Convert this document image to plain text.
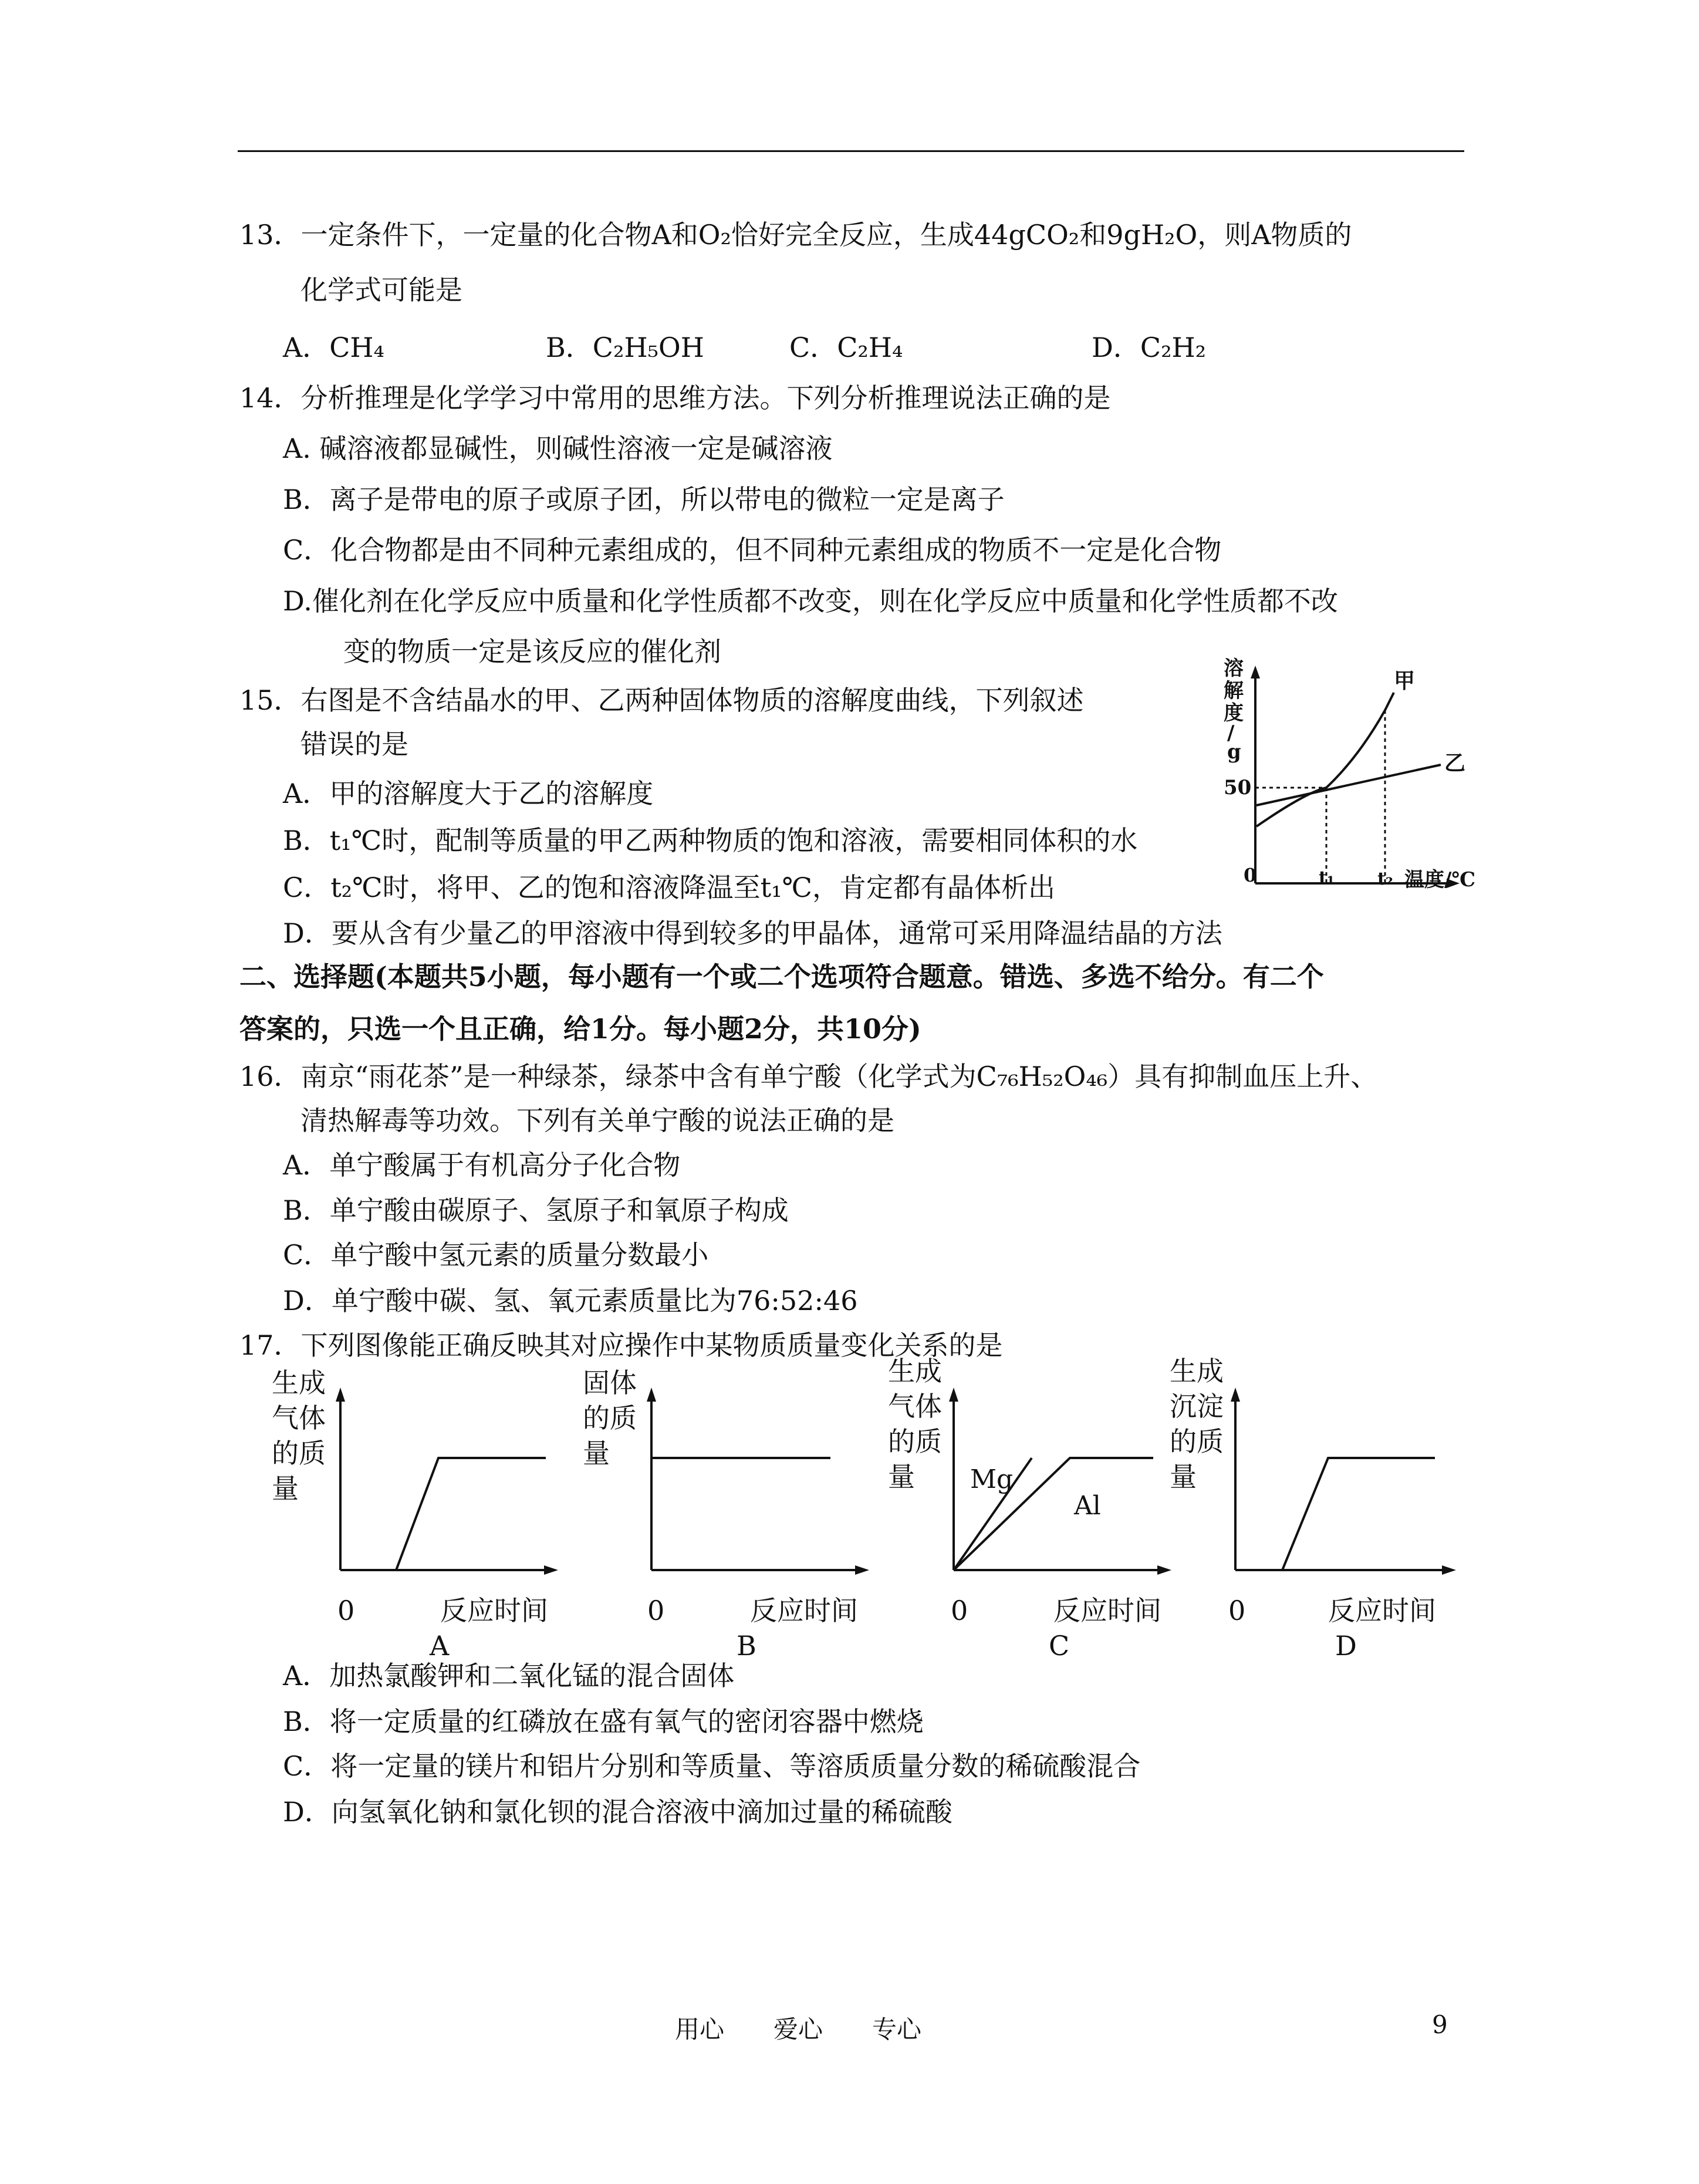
13．一定条件下，一定量的化合物A和O₂恰好完全反应，生成44gCO₂和9gH₂O，则A物质的
化学式可能是
A．CH₄	B．C₂H₅OH	C．C₂H₄	D．C₂H₂
14．分析推理是化学学习中常用的思维方法。下列分析推理说法正确的是
A. 碱溶液都显碱性，则碱性溶液一定是碱溶液
B．离子是带电的原子或原子团，所以带电的微粒一定是离子
C．化合物都是由不同种元素组成的，但不同种元素组成的物质不一定是化合物
D.催化剂在化学反应中质量和化学性质都不改变，则在化学反应中质量和化学性质都不改
变的物质一定是该反应的催化剂
15．右图是不含结晶水的甲、乙两种固体物质的溶解度曲线，下列叙述
错误的是
A．甲的溶解度大于乙的溶解度
B．t₁℃时，配制等质量的甲乙两种物质的饱和溶液，需要相同体积的水
C．t₂℃时，将甲、乙的饱和溶液降温至t₁℃，肯定都有晶体析出
D．要从含有少量乙的甲溶液中得到较多的甲晶体，通常可采用降温结晶的方法
溶
解
度
/
g
50
0
甲
乙
t₁ t₂ 温度/℃
二、选择题(本题共5小题，每小题有一个或二个选项符合题意。错选、多选不给分。有二个
答案的，只选一个且正确，给1分。每小题2分，共10分)
16．南京“雨花茶”是一种绿茶，绿茶中含有单宁酸（化学式为C₇₆H₅₂O₄₆）具有抑制血压上升、
清热解毒等功效。下列有关单宁酸的说法正确的是
A．单宁酸属于有机高分子化合物
B．单宁酸由碳原子、氢原子和氧原子构成
C．单宁酸中氢元素的质量分数最小
D．单宁酸中碳、氢、氧元素质量比为76:52:46
17．下列图像能正确反映其对应操作中某物质质量变化关系的是
生成
气体
的质
量
0	反应时间
A
固体
的质
量
0	反应时间
B
生成
气体
的质
量 Mg
Al
0	反应时间
C
生成
沉淀
的质
量
0	反应时间
D
A．加热氯酸钾和二氧化锰的混合固体
B．将一定质量的红磷放在盛有氧气的密闭容器中燃烧
C．将一定量的镁片和铝片分别和等质量、等溶质质量分数的稀硫酸混合
D．向氢氧化钠和氯化钡的混合溶液中滴加过量的稀硫酸
用心　　爱心　　专心	9
